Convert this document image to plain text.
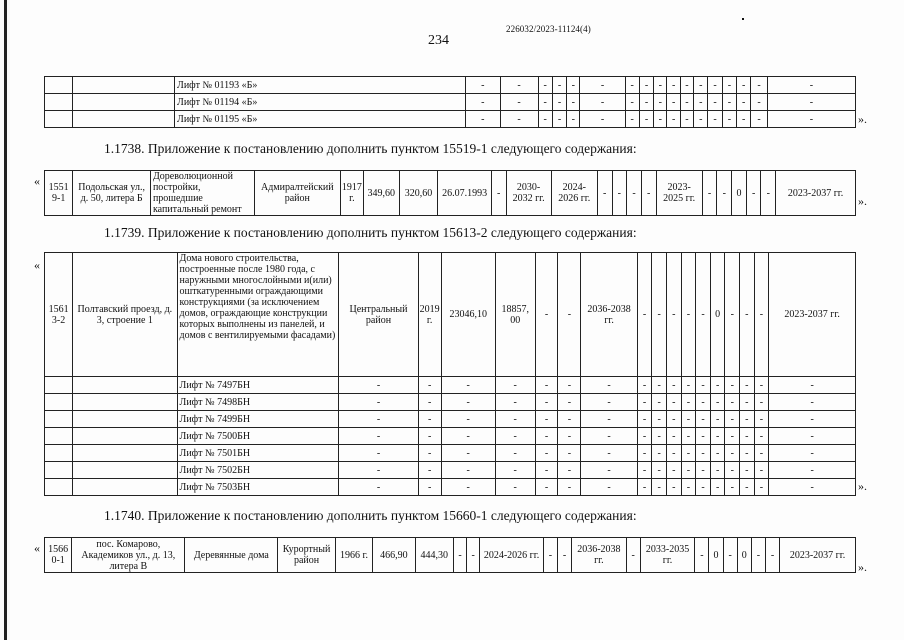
226032/2023-11124(4)
234
		Лифт № 01193 «Б»	-	-	-	-	-	-	-	-	-	-	-	-	-	-	-	-	-
		Лифт № 01194 «Б»	-	-	-	-	-	-	-	-	-	-	-	-	-	-	-	-	-
		Лифт № 01195 «Б»	-	-	-	-	-	-	-	-	-	-	-	-	-	-	-	-	-	».
1.1738. Приложение к постановлению дополнить пунктом 15519-1 следующего содержания:
« 1551 9-1	Подольская ул., д. 50, литера Б	Дореволюционной постройки, прошедшие капитальный ремонт	Адмиралтейский район	1917 г.	349,60	320,60	26.07.1993	-	2030-2032 гг.	2024-2026 гг.	-	-	-	-	2023-2025 гг.	-	-	0	-	-	2023-2037 гг.
».
1.1739. Приложение к постановлению дополнить пунктом 15613-2 следующего содержания:
«
1561 3-2	Полтавский проезд, д. 3, строение 1	Дома нового строительства, построенные после 1980 года, с наружными многослойными и(или) ошткатуренными ограждающими конструкциями (за исключением домов, ограждающие конструкции которых выполнены из панелей, и домов с вентилируемыми фасадами)	Центральный район	2019 г.	23046,10	18857, 00	-	-	2036-2038 гг.	-	-	-	-	-	0	-	-	-	2023-2037 гг.
		Лифт № 7497БН	-	-	-	-	-	-	-	-	-	-	-	-	-	-	-	-	-
		Лифт № 7498БН	-	-	-	-	-	-	-	-	-	-	-	-	-	-	-	-	-
		Лифт № 7499БН	-	-	-	-	-	-	-	-	-	-	-	-	-	-	-	-	-
		Лифт № 7500БН	-	-	-	-	-	-	-	-	-	-	-	-	-	-	-	-	-
		Лифт № 7501БН	-	-	-	-	-	-	-	-	-	-	-	-	-	-	-	-	-
		Лифт № 7502БН	-	-	-	-	-	-	-	-	-	-	-	-	-	-	-	-	-
		Лифт № 7503БН	-	-	-	-	-	-	-	-	-	-	-	-	-	-	-	-	-	».
1.1740. Приложение к постановлению дополнить пунктом 15660-1 следующего содержания:
« 1566 0-1	пос. Комарово, Академиков ул., д. 13, литера В	Деревянные дома	Курортный район	1966 г.	466,90	444,30	-	-	2024-2026 гг.	-	-	2036-2038 гг.	-	2033-2035 гг.	-	0	-	0	-	-	2023-2037 гг.
».
